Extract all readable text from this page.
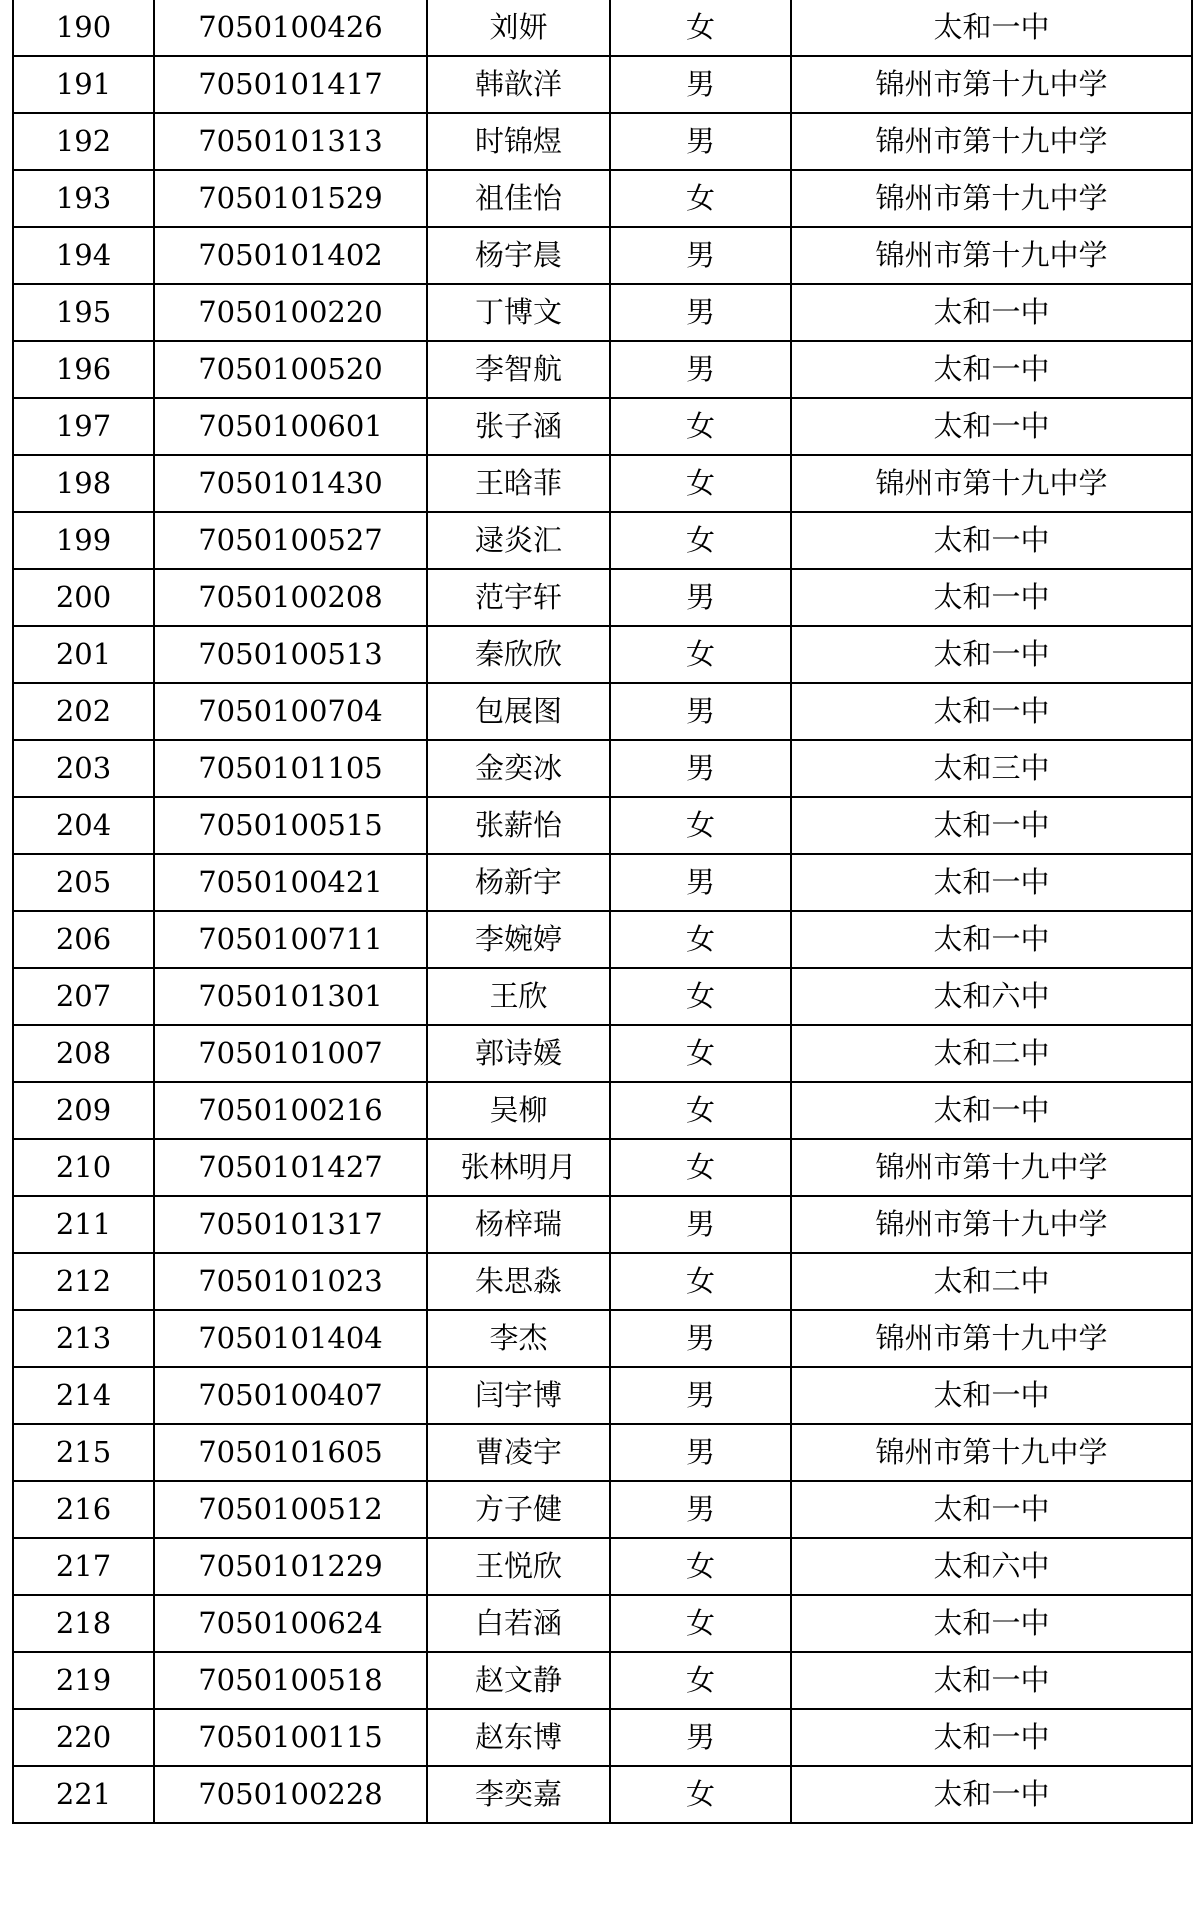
190	7050100426	刘妍	女	太和一中
191	7050101417	韩歆洋	男	锦州市第十九中学
192	7050101313	时锦煜	男	锦州市第十九中学
193	7050101529	祖佳怡	女	锦州市第十九中学
194	7050101402	杨宇晨	男	锦州市第十九中学
195	7050100220	丁博文	男	太和一中
196	7050100520	李智航	男	太和一中
197	7050100601	张子涵	女	太和一中
198	7050101430	王晗菲	女	锦州市第十九中学
199	7050100527	逯炎汇	女	太和一中
200	7050100208	范宇轩	男	太和一中
201	7050100513	秦欣欣	女	太和一中
202	7050100704	包展图	男	太和一中
203	7050101105	金奕冰	男	太和三中
204	7050100515	张薪怡	女	太和一中
205	7050100421	杨新宇	男	太和一中
206	7050100711	李婉婷	女	太和一中
207	7050101301	王欣	女	太和六中
208	7050101007	郭诗媛	女	太和二中
209	7050100216	吴柳	女	太和一中
210	7050101427	张林明月	女	锦州市第十九中学
211	7050101317	杨梓瑞	男	锦州市第十九中学
212	7050101023	朱思淼	女	太和二中
213	7050101404	李杰	男	锦州市第十九中学
214	7050100407	闫宇博	男	太和一中
215	7050101605	曹凌宇	男	锦州市第十九中学
216	7050100512	方子健	男	太和一中
217	7050101229	王悦欣	女	太和六中
218	7050100624	白若涵	女	太和一中
219	7050100518	赵文静	女	太和一中
220	7050100115	赵东博	男	太和一中
221	7050100228	李奕嘉	女	太和一中
